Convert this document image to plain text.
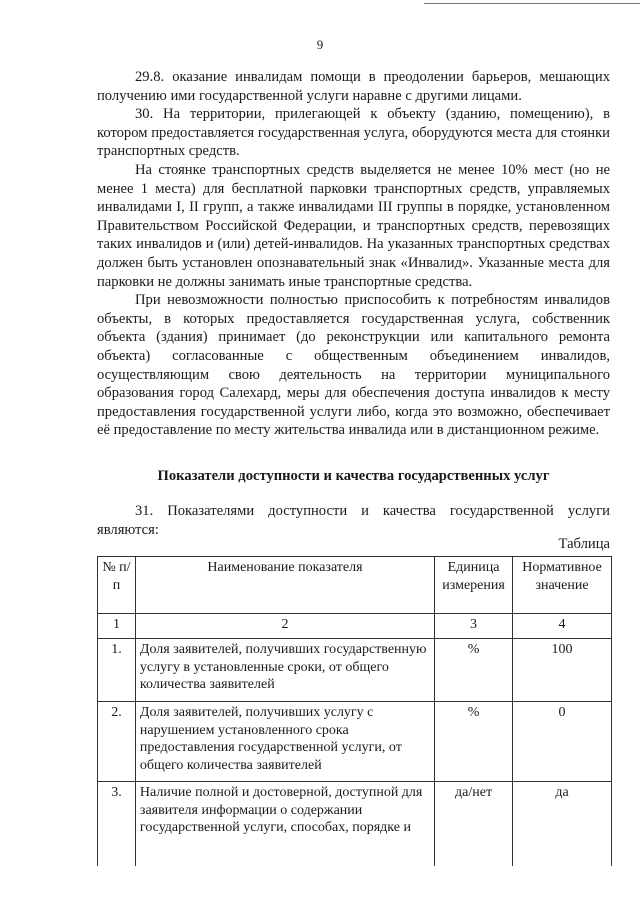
9

29.8. оказание инвалидам помощи в преодолении барьеров, мешающих получению ими государственной услуги наравне с другими лицами.

30. На территории, прилегающей к объекту (зданию, помещению), в котором предоставляется государственная услуга, оборудуются места для стоянки транспортных средств.

На стоянке транспортных средств выделяется не менее 10% мест (но не менее 1 места) для бесплатной парковки транспортных средств, управляемых инвалидами I, II групп, а также инвалидами III группы в порядке, установленном Правительством Российской Федерации, и транспортных средств, перевозящих таких инвалидов и (или) детей-инвалидов. На указанных транспортных средствах должен быть установлен опознавательный знак «Инвалид». Указанные места для парковки не должны занимать иные транспортные средства.

При невозможности полностью приспособить к потребностям инвалидов объекты, в которых предоставляется государственная услуга, собственник объекта (здания) принимает (до реконструкции или капитального ремонта объекта) согласованные с общественным объединением инвалидов, осуществляющим свою деятельность на территории муниципального образования город Салехард, меры для обеспечения доступа инвалидов к месту предоставления государственной услуги либо, когда это возможно, обеспечивает её предоставление по месту жительства инвалида или в дистанционном режиме.

Показатели доступности и качества государственных услуг

31. Показателями доступности и качества государственной услуги являются:

Таблица
№ п/п	Наименование показателя	Единица измерения	Нормативное значение
1	2	3	4
1.	Доля заявителей, получивших государственную услугу в установленные сроки, от общего количества заявителей	%	100
2.	Доля заявителей, получивших услугу с нарушением установленного срока предоставления государственной услуги, от общего количества заявителей	%	0
3.	Наличие полной и достоверной, доступной для заявителя информации о содержании государственной услуги, способах, порядке и	да/нет	да
